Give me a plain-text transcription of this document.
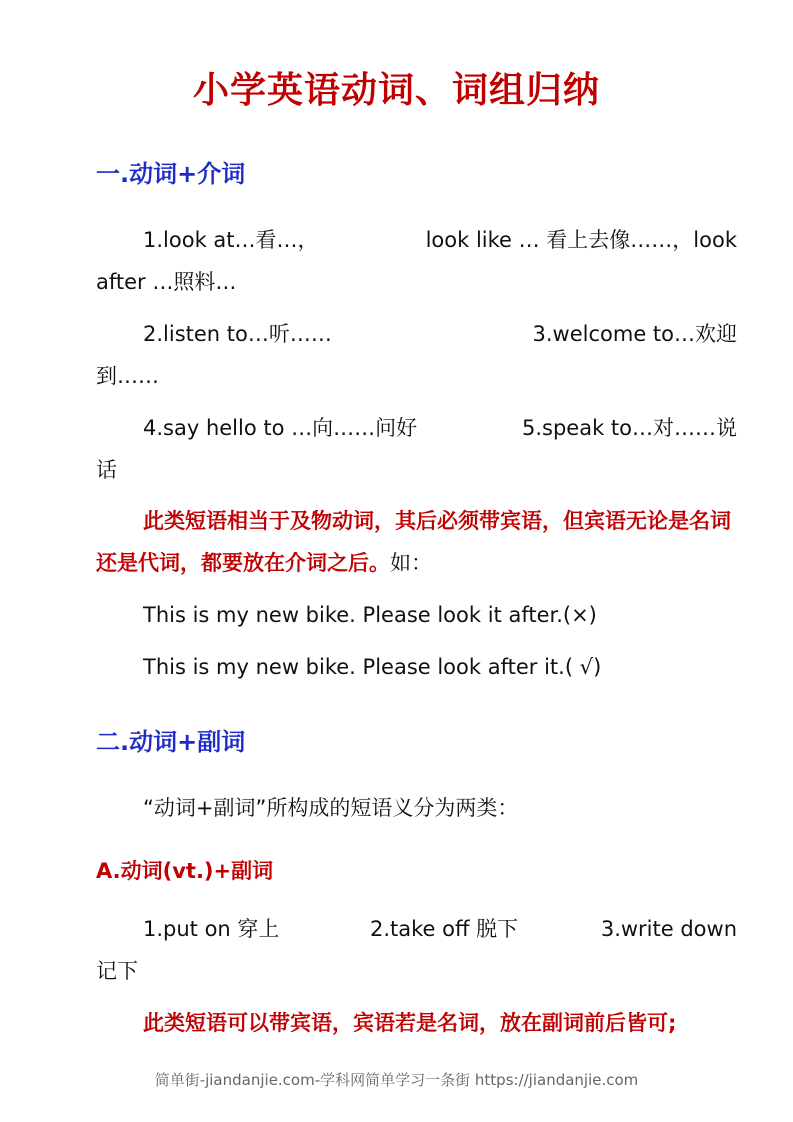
小学英语动词、词组归纳
一.动词+介词
1.look at…看…，	look like … 看上去像……，look
after …照料…
2.listen to…听……	3.welcome to…欢迎
到……
4.say hello to …向……问好	5.speak to…对……说
话
此类短语相当于及物动词，其后必须带宾语，但宾语无论是名词还是代词，都要放在介词之后。如：
This is my new bike. Please look it after.(×)
This is my new bike. Please look after it.( √)
二.动词+副词
“动词+副词”所构成的短语义分为两类：
A.动词(vt.)+副词
1.put on 穿上	2.take off 脱下	3.write down
记下
此类短语可以带宾语，宾语若是名词，放在副词前后皆可;
简单街-jiandanjie.com-学科网简单学习一条街 https://jiandanjie.com
